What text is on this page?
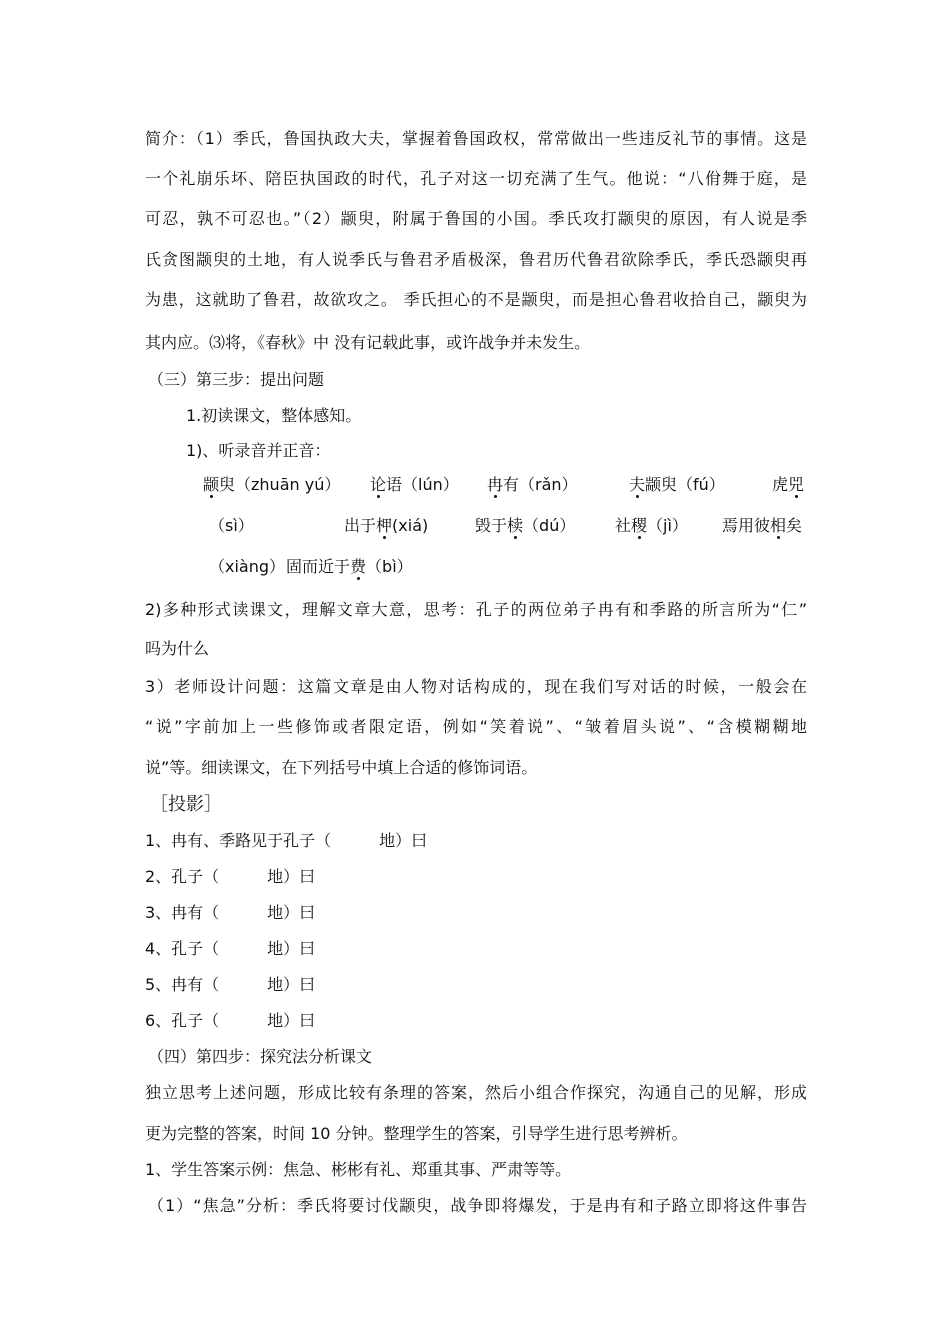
简介：（1）季氏，鲁国执政大夫，掌握着鲁国政权，常常做出一些违反礼节的事情。这是
一个礼崩乐坏、陪臣执国政的时代，孔子对这一切充满了生气。他说：“八佾舞于庭，是
可忍，孰不可忍也。”（2）颛臾，附属于鲁国的小国。季氏攻打颛臾的原因，有人说是季
氏贪图颛臾的土地，有人说季氏与鲁君矛盾极深，鲁君历代鲁君欲除季氏，季氏恐颛臾再
为患，这就助了鲁君，故欲攻之。 季氏担心的不是颛臾，而是担心鲁君收拾自己，颛臾为
其内应。⑶将，《春秋》中 没有记载此事，或许战争并未发生。
（三）第三步：提出问题
1.初读课文，整体感知。
1)、听录音并正音：
颛臾（zhuān yú） 论语（lún） 冉有（rǎn）	夫颛臾（fú）	虎兕
（sì）	出于柙(xiá)	毁于椟（dú） 社稷（jì） 焉用彼相矣
（xiàng） 固而近于费（bì）
2)多种形式读课文，理解文章大意，思考：孔子的两位弟子冉有和季路的所言所为“仁”
吗为什么
3）老师设计问题：这篇文章是由人物对话构成的，现在我们写对话的时候，一般会在
“说”字前加上一些修饰或者限定语，例如“笑着说”、“皱着眉头说”、“含模糊糊地
说”等。细读课文，在下列括号中填上合适的修饰词语。
［投影］
1、冉有、季路见于孔子（　　　地）曰
2、孔子（　　　地）曰
3、冉有（　　　地）曰
4、孔子（　　　地）曰
5、冉有（　　　地）曰
6、孔子（　　　地）曰
（四）第四步：探究法分析课文
独立思考上述问题，形成比较有条理的答案，然后小组合作探究，沟通自己的见解，形成
更为完整的答案，时间 10 分钟。整理学生的答案，引导学生进行思考辨析。
1、学生答案示例：焦急、彬彬有礼、郑重其事、严肃等等。
（1）“焦急”分析：季氏将要讨伐颛臾，战争即将爆发，于是冉有和子路立即将这件事告
